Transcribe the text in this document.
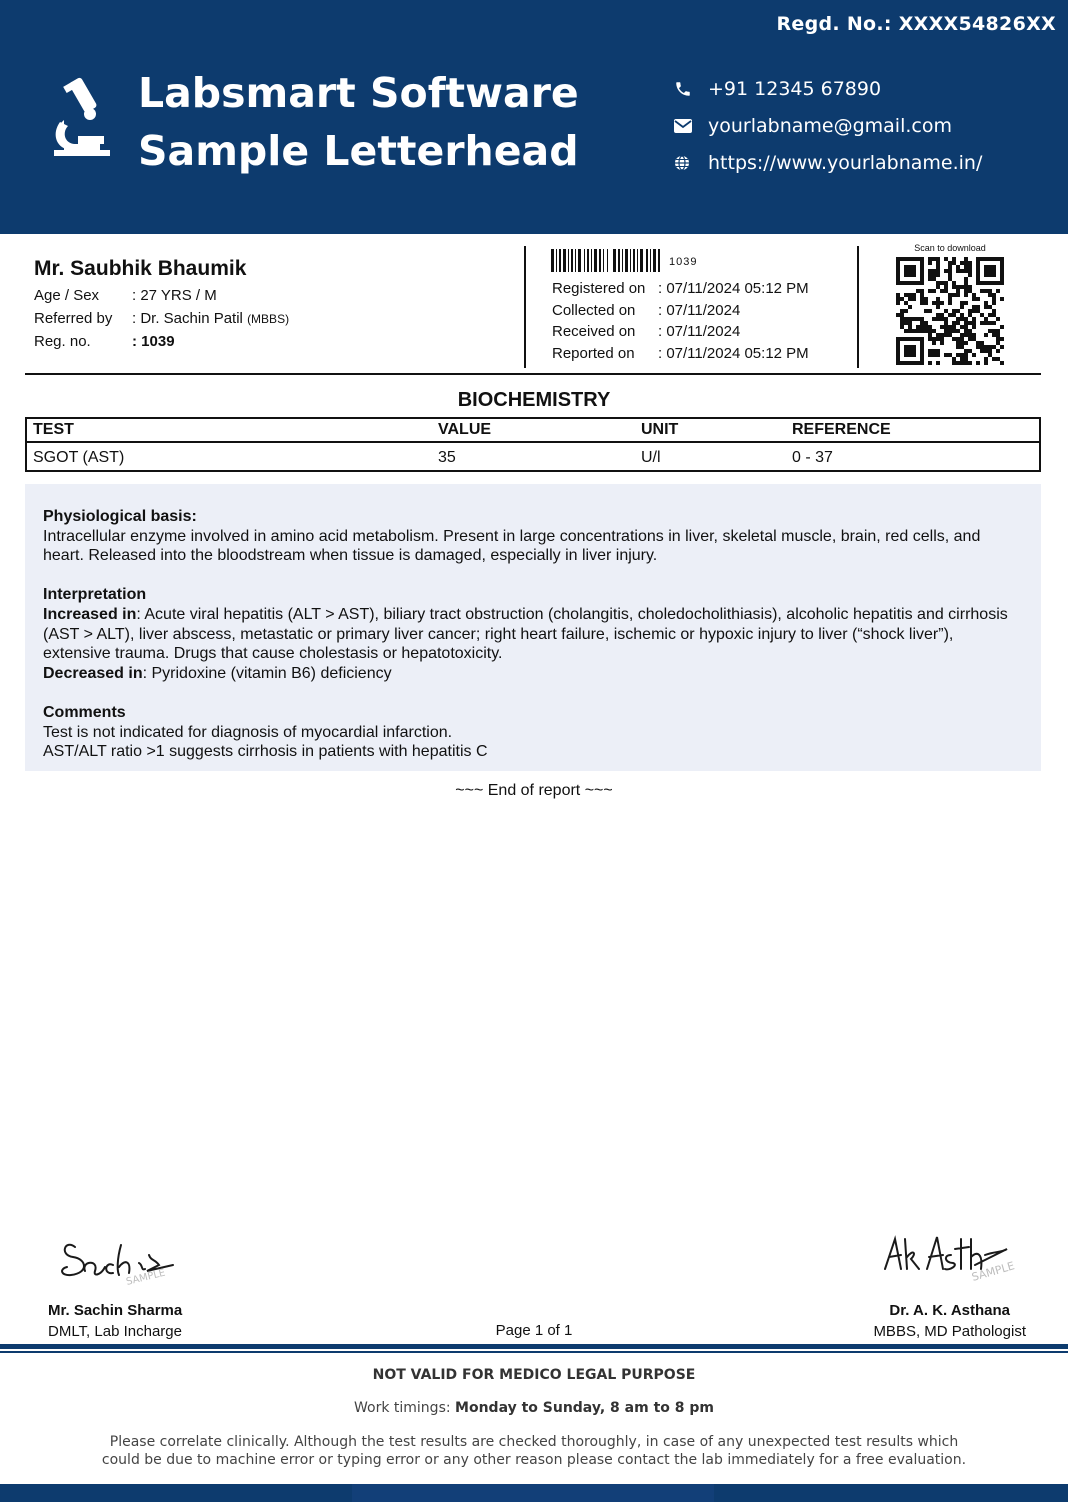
Regd. No.: XXXX54826XX
Labsmart Software
Sample Letterhead
+91 12345 67890
yourlabname@gmail.com
https://www.yourlabname.in/
Mr. Saubhik Bhaumik
Age / Sex	: 27 YRS / M
Referred by	: Dr. Sachin Patil (MBBS)
Reg. no.	: 1039
1039
Registered on : 07/11/2024 05:12 PM
Collected on	: 07/11/2024
Received on	: 07/11/2024
Reported on	: 07/11/2024 05:12 PM
Scan to download
BIOCHEMISTRY
TEST	VALUE	UNIT	REFERENCE
SGOT (AST)	35	U/l	0 - 37
Physiological basis:
Intracellular enzyme involved in amino acid metabolism. Present in large concentrations in liver, skeletal muscle, brain, red cells, and heart. Released into the bloodstream when tissue is damaged, especially in liver injury.
Interpretation
Increased in: Acute viral hepatitis (ALT > AST), biliary tract obstruction (cholangitis, choledocholithiasis), alcoholic hepatitis and cirrhosis (AST > ALT), liver abscess, metastatic or primary liver cancer; right heart failure, ischemic or hypoxic injury to liver (“shock liver”), extensive trauma. Drugs that cause cholestasis or hepatotoxicity.
Decreased in: Pyridoxine (vitamin B6) deficiency
Comments
Test is not indicated for diagnosis of myocardial infarction.
AST/ALT ratio >1 suggests cirrhosis in patients with hepatitis C
~~~ End of report ~~~
SAMPLE	SAMPLE
Mr. Sachin Sharma
DMLT, Lab Incharge	Page 1 of 1
Dr. A. K. Asthana
MBBS, MD Pathologist
NOT VALID FOR MEDICO LEGAL PURPOSE
Work timings: Monday to Sunday, 8 am to 8 pm
Please correlate clinically. Although the test results are checked thoroughly, in case of any unexpected test results which could be due to machine error or typing error or any other reason please contact the lab immediately for a free evaluation.
